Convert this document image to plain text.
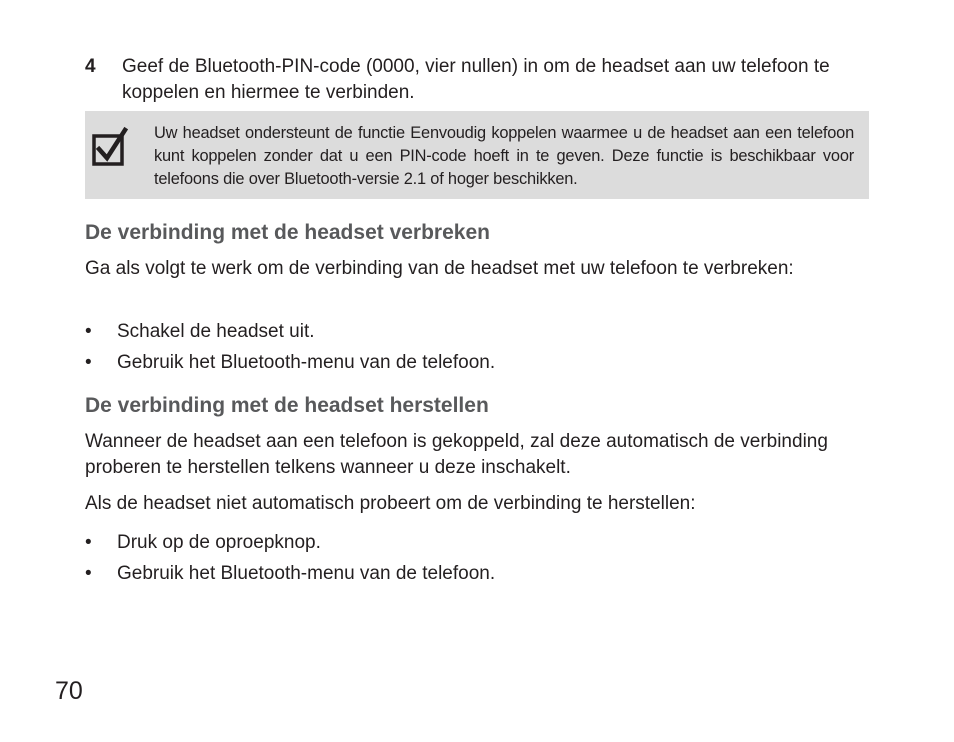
4 Geef de Bluetooth-PIN-code (0000, vier nullen) in om de headset aan uw telefoon te koppelen en hiermee te verbinden.
Uw headset ondersteunt de functie Eenvoudig koppelen waarmee u de headset aan een telefoon kunt koppelen zonder dat u een PIN-code hoeft in te geven. Deze functie is beschikbaar voor telefoons die over Bluetooth-versie 2.1 of hoger beschikken.
De verbinding met de headset verbreken
Ga als volgt te werk om de verbinding van de headset met uw telefoon te verbreken:
• Schakel de headset uit.
• Gebruik het Bluetooth-menu van de telefoon.
De verbinding met de headset herstellen
Wanneer de headset aan een telefoon is gekoppeld, zal deze automatisch de verbinding proberen te herstellen telkens wanneer u deze inschakelt.
Als de headset niet automatisch probeert om de verbinding te herstellen:
• Druk op de oproepknop.
• Gebruik het Bluetooth-menu van de telefoon.
70
